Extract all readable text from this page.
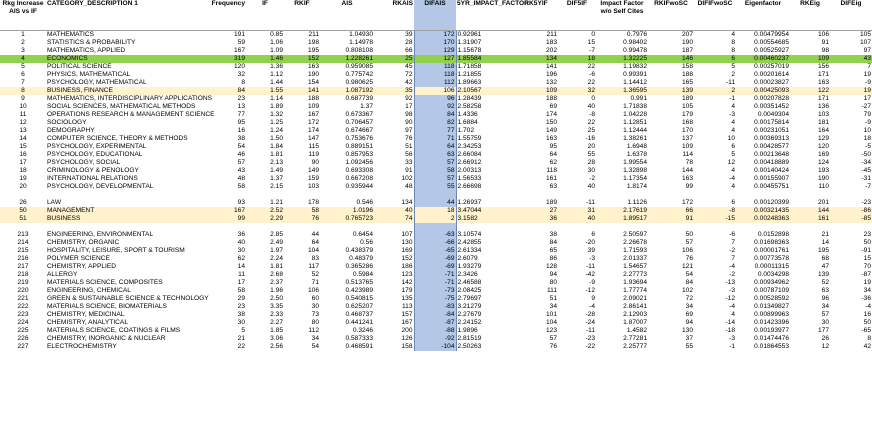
Rkg Increase AIS vs IF	CATEGORY_DESCRIPTION 1	Frequency	IF	RKIF	AIS	RKAIS	DIFAIS	5YR_IMPACT_FACTOR	RK5YIF	DIF5IF	Impact Factor w/o Self Cites	RKIFwoSC	DIFIFwoSC	Eigenfactor	RKEig	DIFEig
1	MATHEMATICS	191	0.85	211	1.04930	39	172	0.92961	211	0	0.7976	207	4	0.00479954	106	105
2	STATISTICS & PROBABILITY	59	1.06	198	1.14978	28	170	1.31907	183	15	0.98402	190	8	0.00554685	91	107
3	MATHEMATICS, APPLIED	167	1.09	195	0.808108	66	129	1.15678	202	-7	0.99478	187	8	0.00525927	98	97
4	ECONOMICS	319	1.46	152	1.228261	25	127	1.85584	134	18	1.32225	146	6	0.00460237	109	43
5	POLITICAL SCIENCE	120	1.36	163	0.959085	45	118	1.71858	141	22	1.19832	158	5	0.00257019	156	7
6	PHYSICS, MATHEMATICAL	32	1.12	190	0.775742	72	118	1.21855	196	-6	0.99391	188	2	0.00201614	171	19
7	PSYCHOLOGY, MATHEMATICAL	8	1.44	154	0.980625	42	112	1.89663	132	22	1.14412	165	-11	0.00023827	163	-9
8	BUSINESS, FINANCE	84	1.55	141	1.087192	35	106	2.10567	109	32	1.36595	139	2	0.00425093	122	19
9	MATHEMATICS, INTERDISCIPLINARY APPLICATIONS	23	1.14	188	0.687739	92	96	1.28439	188	0	0.991	189	-1	0.00207828	171	17
10	SOCIAL SCIENCES, MATHEMATICAL METHODS	13	1.89	109	1.37	17	92	2.58258	69	40	1.71838	105	4	0.00351452	136	-27
11	OPERATIONS RESEARCH & MANAGEMENT SCIENCE	77	1.32	167	0.673367	98	84	1.4336	174	-8	1.04228	179	-3	0.0049304	103	79
12	SOCIOLOGY	95	1.25	172	0.706457	90	82	1.6884	150	22	1.12851	168	4	0.00175814	181	-9
13	DEMOGRAPHY	16	1.24	174	0.674667	97	77	1.702	149	25	1.12444	170	4	0.00231051	164	10
14	COMPUTER SCIENCE, THEORY & METHODS	38	1.50	147	0.753676	76	71	1.55759	163	-16	1.38261	137	10	0.00369313	129	18
15	PSYCHOLOGY, EXPERIMENTAL	54	1.84	115	0.889151	51	64	2.34253	95	20	1.6948	109	6	0.00428577	120	-5
16	PSYCHOLOGY, EDUCATIONAL	46	1.81	119	0.857953	56	63	2.66084	64	55	1.6378	114	5	0.00213648	169	-50
17	PSYCHOLOGY, SOCIAL	57	2.13	90	1.092456	33	57	2.66912	62	28	1.99554	78	12	0.00418889	124	-34
18	CRIMINOLOGY & PENOLOGY	43	1.49	149	0.693308	91	58	2.00313	118	30	1.32898	144	4	0.00140424	193	-45
19	INTERNATIONAL RELATIONS	48	1.37	159	0.667208	102	57	1.56533	161	-2	1.17354	163	-4	0.00155907	190	-31
20	PSYCHOLOGY, DEVELOPMENTAL	58	2.15	103	0.935944	48	55	2.66698	63	40	1.8174	99	4	0.00455751	110	-7

26	LAW	93	1.21	178	0.546	134	44	1.26937	189	-11	1.1126	172	6	0.00120399	201	-23
50	MANAGEMENT	167	2.52	58	1.0196	40	18	3.47044	27	31	2.17619	66	-8	0.00321435	144	-86
51	BUSINESS	99	2.29	76	0.765723	74	2	3.1582	36	40	1.89517	91	-15	0.00248363	161	-85

213	ENGINEERING, ENVIRONMENTAL	36	2.85	44	0.6454	107	-63	3.10574	38	6	2.50597	50	-6	0.0152898	21	23
214	CHEMISTRY, ORGANIC	40	2.49	64	0.56	130	-66	2.42855	84	-20	2.26678	57	7	0.01698363	14	50
215	HOSPITALITY, LEISURE, SPORT & TOURISM	30	1.97	104	0.438379	169	-65	2.61334	65	39	1.71593	106	-2	0.00001761	195	-91
216	POLYMER SCIENCE	62	2.24	83	0.48379	152	-69	2.6079	86	-3	2.01337	76	7	0.00773578	68	15
217	CHEMISTRY, APPLIED	14	1.81	117	0.365286	186	-69	1.93279	128	-11	1.54657	121	-4	0.00011315	47	70
218	ALLERGY	11	2.68	52	0.5984	123	-71	2.3426	94	-42	2.27773	54	-2	0.0034298	139	-87
219	MATERIALS SCIENCE, COMPOSITES	17	2.37	71	0.513765	142	-71	2.46588	80	-9	1.93694	84	-13	0.00934962	52	19
220	ENGINEERING, CHEMICAL	58	1.96	106	0.423989	179	-73	2.08425	111	-12	1.77774	102	-3	0.00787109	63	34
221	GREEN & SUSTAINABLE SCIENCE & TECHNOLOGY	29	2.50	60	0.540815	135	-75	2.79697	51	9	2.09021	72	-12	0.00528592	96	-36
222	MATERIALS SCIENCE, BIOMATERIALS	23	3.35	30	0.625207	113	-83	3.21279	34	-4	2.86141	34	-4	0.01349827	34	-4
223	CHEMISTRY, MEDICINAL	38	2.33	73	0.468737	157	-84	2.27679	101	-28	2.12903	69	4	0.00899963	57	16
224	CHEMISTRY, ANALYTICAL	30	2.27	80	0.441241	167	-87	2.24152	104	-24	1.87007	94	-14	0.01423396	30	50
225	MATERIALS SCIENCE, COATINGS & FILMS	5	1.85	112	0.3246	200	-88	1.9896	123	-11	1.4582	130	-18	0.00193977	177	-65
226	CHEMISTRY, INORGANIC & NUCLEAR	21	3.06	34	0.587333	126	-92	2.81519	57	-23	2.77281	37	-3	0.01474476	26	8
227	ELECTROCHEMISTRY	22	2.56	54	0.468591	158	-104	2.50263	76	-22	2.25777	55	-1	0.01864553	12	42
